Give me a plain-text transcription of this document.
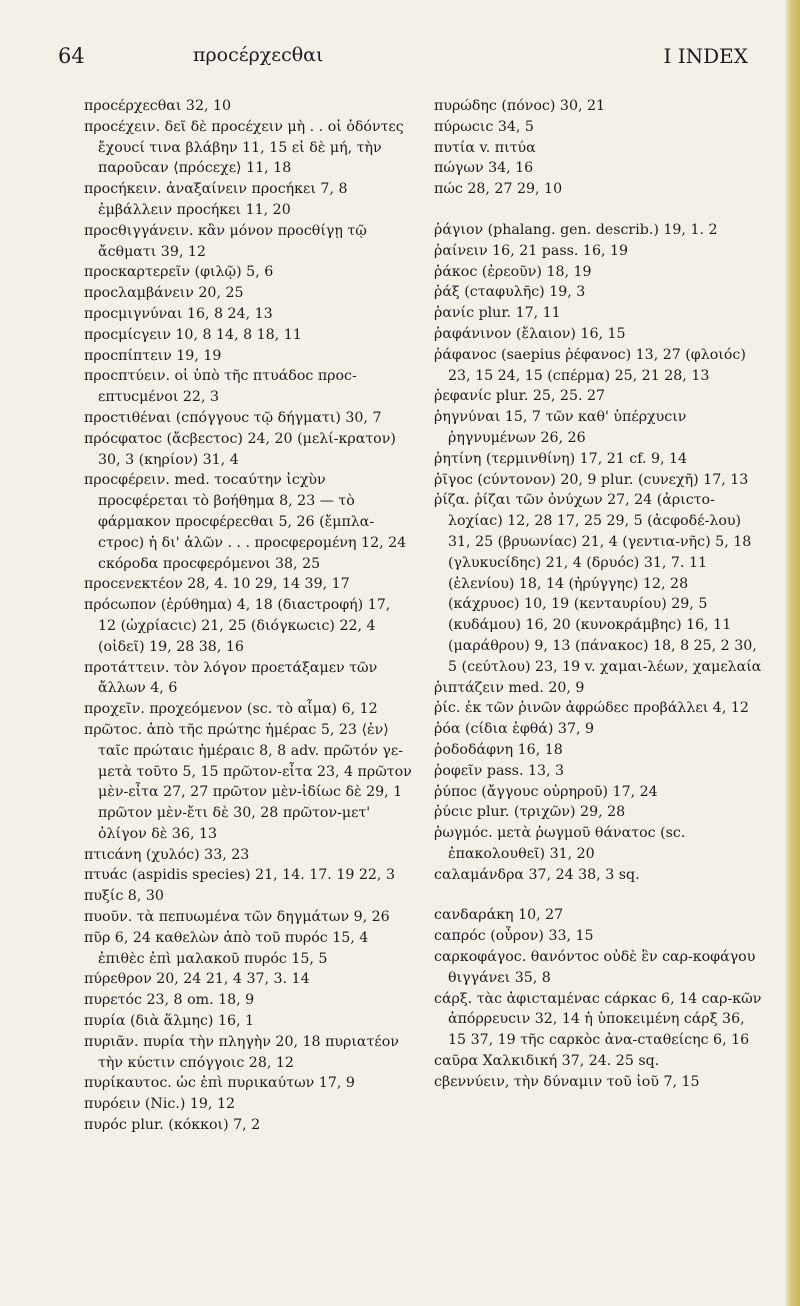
64	προcέρχεcθαι	I INDEX

προcέρχεcθαι 32, 10

προcέχειν. δεῖ δὲ προcέχειν μὴ . . οἱ ὀδόντες ἔχουcί τινα βλάβην 11, 15 εἰ δὲ μή, τὴν παροῦcαν ⟨πρόcεχε⟩ 11, 18

προcήκειν. ἀναξαίνειν προcήκει 7, 8 ἐμβάλλειν προcήκει 11, 20

προcθιγγάνειν. κἂν μόνον προcθίγῃ τῷ ἄcθματι 39, 12

προcκαρτερεῖν (φιλῷ) 5, 6

προcλαμβάνειν 20, 25

προcμιγνύναι 16, 8 24, 13

προcμίcγειν 10, 8 14, 8 18, 11

προcπίπτειν 19, 19

προcπτύειν. οἱ ὑπὸ τῆc πτυάδοc προc-επτυcμένοι 22, 3

προcτιθέναι (cπόγγουc τῷ δήγματι) 30, 7

πρόcφατοc (ἄcβεcτοc) 24, 20 (μελί-κρατον) 30, 3 (κηρίον) 31, 4

προcφέρειν. med. τοcαύτην ἰcχὺν προcφέρεται τὸ βοήθημα 8, 23 — τὸ φάρμακον προcφέρεcθαι 5, 26 (ἔμπλα-cτροc) ἡ δι' ἁλῶν . . . προcφερομένη 12, 24 cκόροδα προcφερόμενοι 38, 25

προcενεκτέον 28, 4. 10 29, 14 39, 17

πρόcωπον (ἐρύθημα) 4, 18 (διαcτροφή) 17, 12 (ὠχρίαcιc) 21, 25 (διόγκωcιc) 22, 4 (οἰδεῖ) 19, 28 38, 16

προτάττειν. τὸν λόγον προετάξαμεν τῶν ἄλλων 4, 6

προχεῖν. προχεόμενον (sc. τὸ αἷμα) 6, 12

πρῶτοc. ἀπὸ τῆc πρώτηc ἡμέραc 5, 23 ⟨ἐν⟩ ταῖc πρώταιc ἡμέραιc 8, 8 adv. πρῶτόν γε-μετὰ τοῦτο 5, 15 πρῶτον-εἶτα 23, 4 πρῶτον μὲν-εἶτα 27, 27 πρῶτον μὲν-ἰδίωc δὲ 29, 1 πρῶτον μὲν-ἔτι δὲ 30, 28 πρῶτον-μετ' ὀλίγον δὲ 36, 13

πτιcάνη (χυλόc) 33, 23

πτυάc (aspidis species) 21, 14. 17. 19 22, 3

πυξίc 8, 30

πυοῦν. τὰ πεπυωμένα τῶν δηγμάτων 9, 26

πῦρ 6, 24 καθελὼν ἀπὸ τοῦ πυρόc 15, 4 ἐπιθὲc ἐπὶ μαλακοῦ πυρόc 15, 5

πύρεθρον 20, 24 21, 4 37, 3. 14

πυρετόc 23, 8 om. 18, 9

πυρία (διὰ ἅλμηc) 16, 1

πυριᾶν. πυρία τὴν πληγὴν 20, 18 πυριατέον τὴν κύcτιν cπόγγοιc 28, 12

πυρίκαυτοc. ὡc ἐπὶ πυρικαύτων 17, 9

πυρόειν (Nic.) 19, 12

πυρόc plur. (κόκκοι) 7, 2

πυρώδηc (πόνοc) 30, 21

πύρωcιc 34, 5

πυτία v. πιτύα

πώγων 34, 16

πώc 28, 27 29, 10

ῥάγιον (phalang. gen. describ.) 19, 1. 2

ῥαίνειν 16, 21 pass. 16, 19

ῥάκοc (ἐρεοῦν) 18, 19

ῥάξ (cταφυλῆc) 19, 3

ῥανίc plur. 17, 11

ῥαφάνινον (ἔλαιον) 16, 15

ῥάφανοc (saepius ῥέφανοc) 13, 27 (φλοιόc) 23, 15 24, 15 (cπέρμα) 25, 21 28, 13

ῥεφανίc plur. 25, 25. 27

ῥηγνύναι 15, 7 τῶν καθ' ὑπέρχυcιν ῥηγνυμένων 26, 26

ῥητίνη (τερμινθίνη) 17, 21 cf. 9, 14

ῥῖγοc (cύντονον) 20, 9 plur. (cυνεχῆ) 17, 13

ῥίζα. ῥίζαι τῶν ὀνύχων 27, 24 (ἀριcτο-λοχίαc) 12, 28 17, 25 29, 5 (ἀcφοδέ-λου) 31, 25 (βρυωνίαc) 21, 4 (γεντια-νῆc) 5, 18 (γλυκυcίδηc) 21, 4 (δρυόc) 31, 7. 11 (ἑλενίου) 18, 14 (ἠρύγγηc) 12, 28 (κάχρυοc) 10, 19 (κενταυρίου) 29, 5 (κυδάμου) 16, 20 (κυνοκράμβηc) 16, 11 (μαράθρου) 9, 13 (πάνακοc) 18, 8 25, 2 30, 5 (cεύτλου) 23, 19 v. χαμαι-λέων, χαμελαία

ῥιπτάζειν med. 20, 9

ῥίc. ἐκ τῶν ῥινῶν ἀφρώδεc προβάλλει 4, 12

ῥόα (cίδια ἑφθά) 37, 9

ῥοδοδάφνη 16, 18

ῥοφεῖν pass. 13, 3

ῥύποc (ἄγγουc οὐρηροῦ) 17, 24

ῥύcιc plur. (τριχῶν) 29, 28

ῥωγμόc. μετὰ ῥωγμοῦ θάνατοc (sc. ἐπακολουθεῖ) 31, 20

cαλαμάνδρα 37, 24 38, 3 sq.

cανδαράκη 10, 27

cαπρόc (οὖρον) 33, 15

cαρκοφάγοc. θανόντοc οὐδὲ ἓν cαρ-κοφάγου θιγγάνει 35, 8

cάρξ. τὰc ἀφιcταμέναc cάρκαc 6, 14 cαρ-κῶν ἀπόρρευcιν 32, 14 ἡ ὑποκειμένη cάρξ 36, 15 37, 19 τῆc cαρκὸc ἀνα-cταθείcηc 6, 16

cαῦρα Χαλκιδική 37, 24. 25 sq.

cβεννύειν, τὴν δύναμιν τοῦ ἰοῦ 7, 15
